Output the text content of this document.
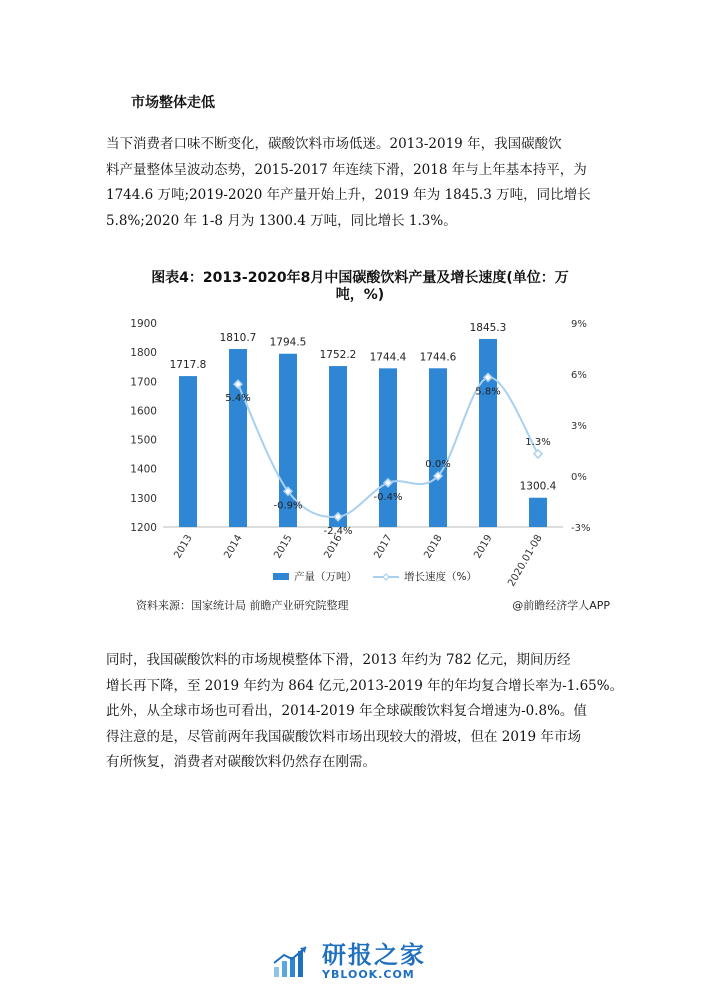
市场整体走低
当下消费者口味不断变化，碳酸饮料市场低迷。2013-2019 年，我国碳酸饮
料产量整体呈波动态势，2015-2017 年连续下滑，2018 年与上年基本持平，为
1744.6 万吨;2019-2020 年产量开始上升，2019 年为 1845.3 万吨，同比增长
5.8%;2020 年 1-8 月为 1300.4 万吨，同比增长 1.3%。
图表4：2013-2020年8月中国碳酸饮料产量及增长速度(单位：万
吨，%)
1200
1300
1400
1500
1600
1700
1800
1900
-3%
0%
3%
6%
9%
1717.8
2013
1810.7
2014
1794.5
2015
1752.2
2016
1744.4
2017
1744.6
2018
1845.3
2019
1300.4
2020.01-08
5.4%
-0.9%
-2.4%
-0.4%
0.0%
5.8%
1.3%
产量（万吨）	增长速度（%）
资料来源：国家统计局 前瞻产业研究院整理	@前瞻经济学人APP
同时，我国碳酸饮料的市场规模整体下滑，2013 年约为 782 亿元，期间历经
增长再下降，至 2019 年约为 864 亿元,2013-2019 年的年均复合增长率为-1.65%。
此外，从全球市场也可看出，2014-2019 年全球碳酸饮料复合增速为-0.8%。值
得注意的是，尽管前两年我国碳酸饮料市场出现较大的滑坡，但在 2019 年市场
有所恢复，消费者对碳酸饮料仍然存在刚需。
研报之家
YBLOOK.COM
